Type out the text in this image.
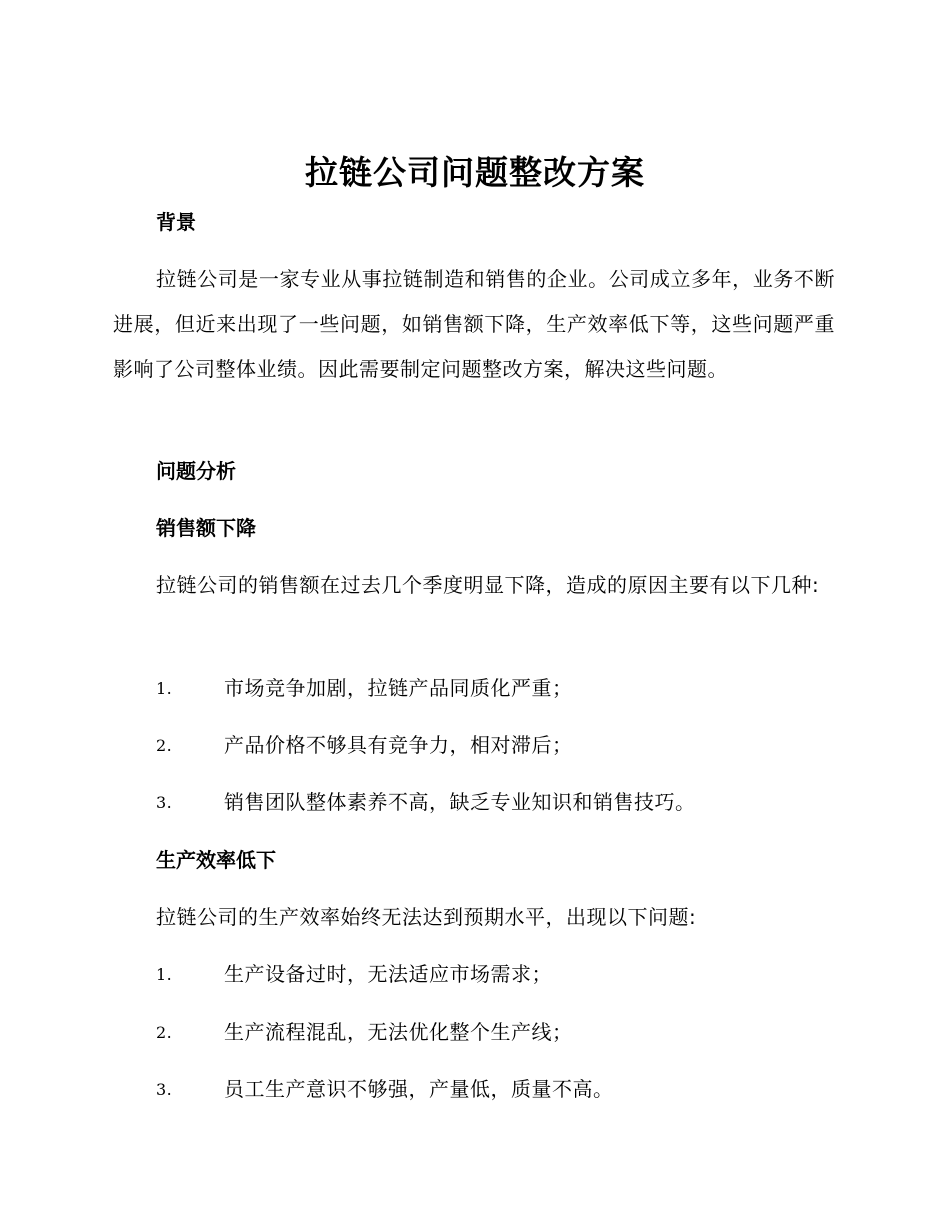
拉链公司问题整改方案
背景
拉链公司是一家专业从事拉链制造和销售的企业。公司成立多年，业务不断进展，但近来出现了一些问题，如销售额下降，生产效率低下等，这些问题严重影响了公司整体业绩。因此需要制定问题整改方案，解决这些问题。
问题分析
销售额下降
拉链公司的销售额在过去几个季度明显下降，造成的原因主要有以下几种:
1.	市场竞争加剧，拉链产品同质化严重；
2.	产品价格不够具有竞争力，相对滞后；
3.	销售团队整体素养不高，缺乏专业知识和销售技巧。
生产效率低下
拉链公司的生产效率始终无法达到预期水平，出现以下问题:
1.	生产设备过时，无法适应市场需求；
2.	生产流程混乱，无法优化整个生产线；
3.	员工生产意识不够强，产量低，质量不高。
